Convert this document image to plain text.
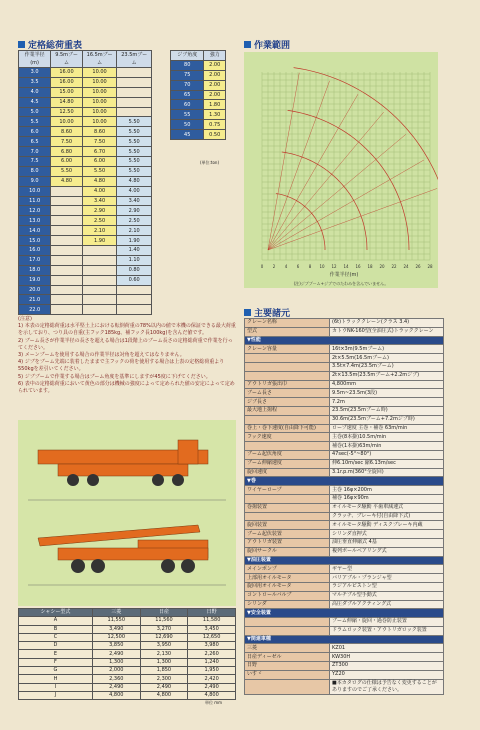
定格総荷重表	作業範囲
主要諸元
作業半径(m)	9.5mブーム	16.5mブーム	23.5mブーム
3.0	16.00	10.00	
3.5	16.00	10.00	
4.0	15.00	10.00	
4.5	14.80	10.00	
5.0	12.50	10.00	
5.5	10.00	10.00	5.50
6.0	8.60	8.60	5.50
6.5	7.50	7.50	5.50
7.0	6.80	6.70	5.50
7.5	6.00	6.00	5.50
8.0	5.50	5.50	5.50
9.0	4.80	4.80	4.80
10.0		4.00	4.00
11.0		3.40	3.40
12.0		2.90	2.90
13.0		2.50	2.50
14.0		2.10	2.10
15.0		1.90	1.90
16.0			1.40
17.0			1.10
18.0			0.80
19.0			0.60
20.0			
21.0			
22.0			
ジブ角度	強力
80	2.00
75	2.00
70	2.00
65	2.00
60	1.80
55	1.30
50	0.75
45	0.50
(単位:ton)
0 2 4 6 8 10 12 14 16 18 20 22 24 26 28
作業半径(m)
(注)ジブブーム+ジブでのたわみを含んでいません。

(注意)

1) 本表の定格総荷重は水平堅土上における転倒荷重の78%以内の値で本機の保証できる最大荷重を示しており、つり具の自重(主フック185kg、補フック長100kg)を含んだ値です。

2) ブーム長さが作業半径の長さを超える場合は1段階上のブーム長さの定格総荷重で作業を行ってください。

3) メーンブームを使用する場合の作業半径は対角を超えてはなりません。

4) ジブをブーム先端に装着したままで主フックの荷を使用する場合は上表の定格総荷重より550kgを差引いてください。

5) ジブブームで作業する場合はブーム角度を基準にしますが45度に下げてください。

6) 表中の定格総荷重において黄色の部分は機械の強度によって定められた値の安定によって定められています。

シャシー型式	三菱	日産	日野
A	11,550	11,560	11,580
B	3,490	3,270	3,450
C	12,500	12,690	12,650
D	3,850	3,950	3,980
E	2,490	2,130	2,260
F	1,300	1,300	1,240
G	2,000	1,850	1,950
H	2,360	2,300	2,420
I	2,490	2,490	2,490
J	4,800	4,800	4,800
単位 mm
クレーン名称	(6t)トラッククレーン(クラス 3.4)
型式	カトウNK-160型(全油圧式)トラッククレーン
▼性能	
クレーン容量	16t×3m(9.5mブーム)
	2t×5.5m(16.5mブーム)
	3.5t×7.4m(23.5mブーム)
	2t×13.5m(23.5mブーム+2.2mジブ)
アウトリガ張出巾	4,800mm
ブーム長さ	9.5m~23.5m(3段)
ジブ長さ	7.2m
最大地上揚程	23.5m(23.5mブーム時)
	30.6m(23.5mブーム+7.2mジブ時)
巻上・巻下速度(自由降下可能)	ロープ速度 主巻・補巻 63m/min
フック速度	主巻(8本掛)10.5m/min
	補巻(1本掛)63m/min
ブーム起伏角度	47sec(-5°~80°)
ブーム伸縮速度	伸6.10m/sec 縮6.13m/sec
旋回速度	3.1r.p.m(360°全旋回)
▼巻	
ワイヤーロープ	主巻 16φ×200m
	補巻 16φ×90m
巻揚装置	オイルモータ駆動 平歯車減速式
	クラッチ、ブレーキ付(自由降下式)
旋回装置	オイルモータ駆動 ディスクブレーキ内蔵
ブーム起伏装置	シリンダ直押式
アウトリガ装置	油圧垂直伸縮式 4基
旋回サークル	複列ボールベアリング式
▼油圧装置	
メインポンプ	ギヤー型
上部用オイルモータ	バリアブル・プランジャ型
旋回用オイルモータ	ラジアルピストン型
コントロールバルブ	マルチプル型手動式
シリンダ	高圧ダブルアクティング式
▼安全装置	
	ブーム伸縮・旋回・過巻防止装置
	ドラムロック装置・アウトリガロック装置
▼関連車種	
三菱	KZ01
日産ディーゼル	KW30H
日野	ZT300
いすゞ	YZ20
	■本カタログの仕様は予告なく変更することがありますのでご了承ください。
